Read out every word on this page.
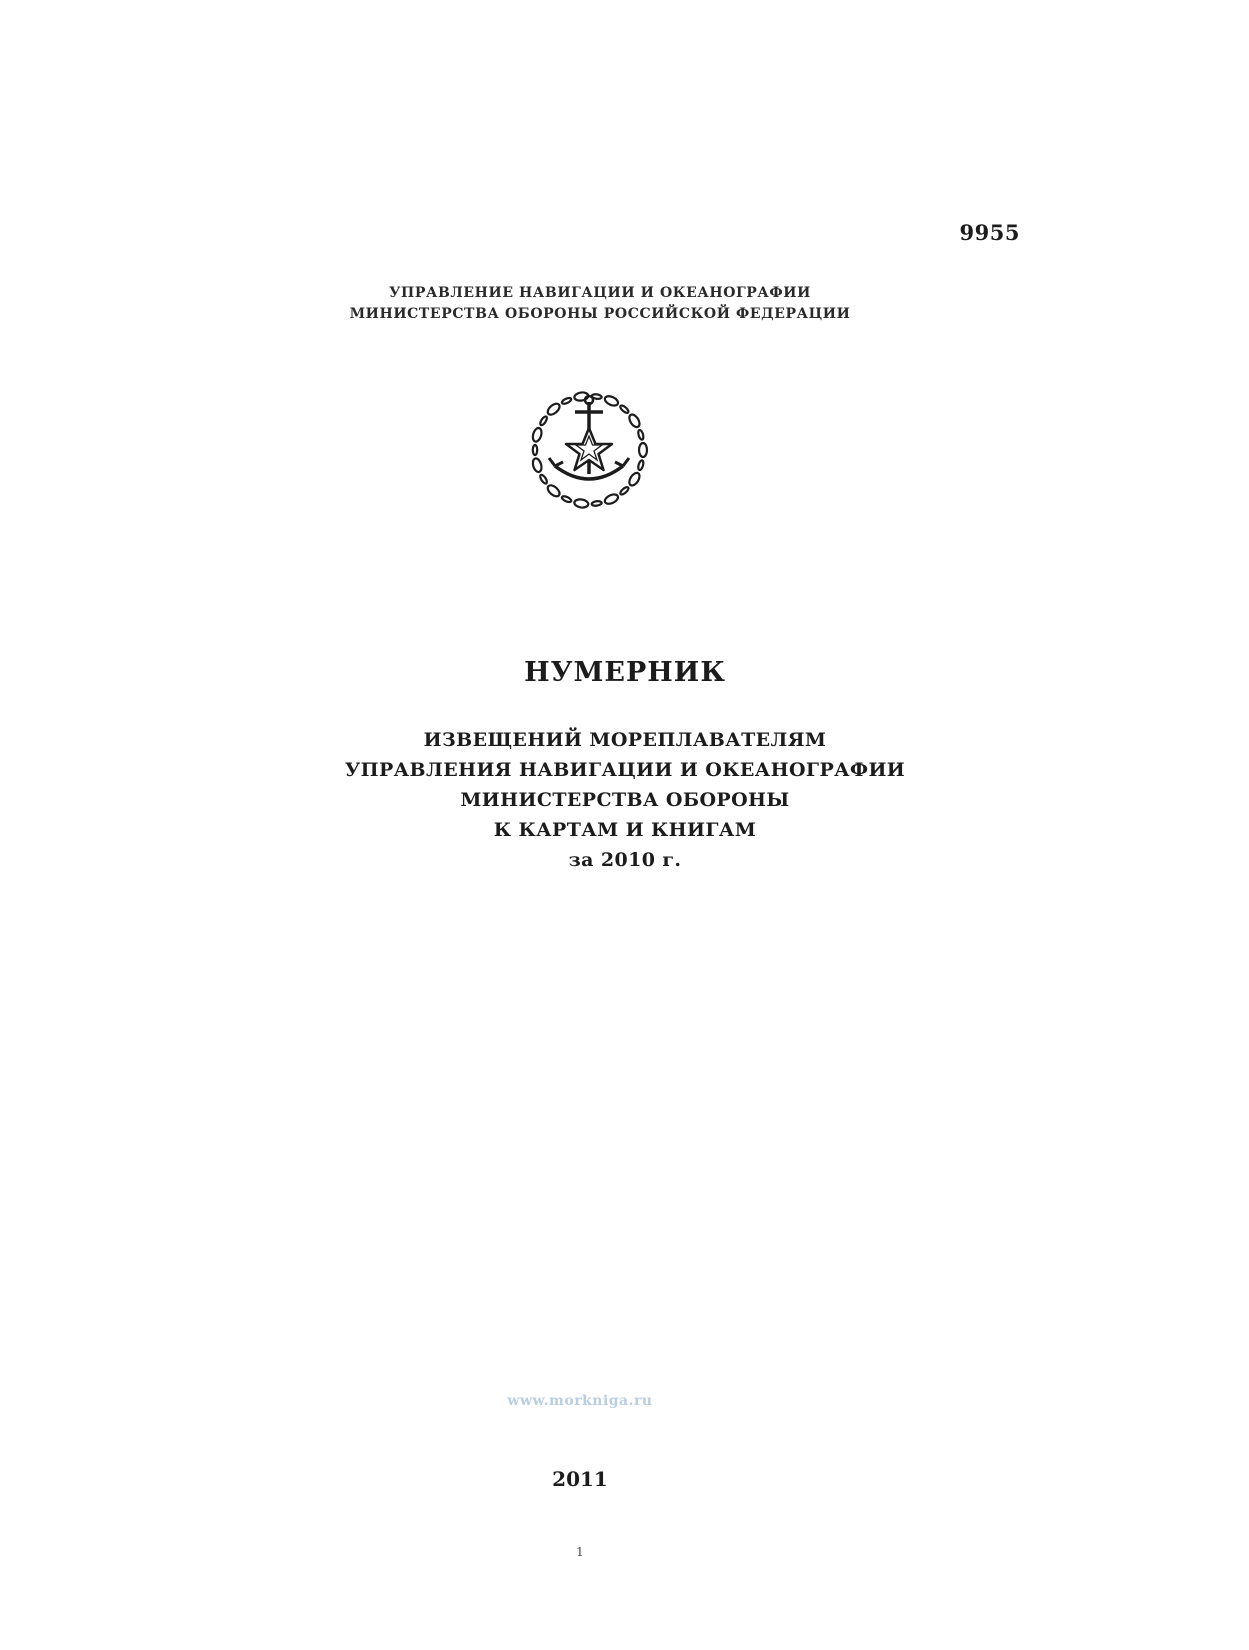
9955
УПРАВЛЕНИЕ НАВИГАЦИИ И ОКЕАНОГРАФИИ
МИНИСТЕРСТВА ОБОРОНЫ РОССИЙСКОЙ ФЕДЕРАЦИИ
НУМЕРНИК
ИЗВЕЩЕНИЙ МОРЕПЛАВАТЕЛЯМ
УПРАВЛЕНИЯ НАВИГАЦИИ И ОКЕАНОГРАФИИ
МИНИСТЕРСТВА ОБОРОНЫ
К КАРТАМ И КНИГАМ
за 2010 г.
www.morkniga.ru
2011
1
